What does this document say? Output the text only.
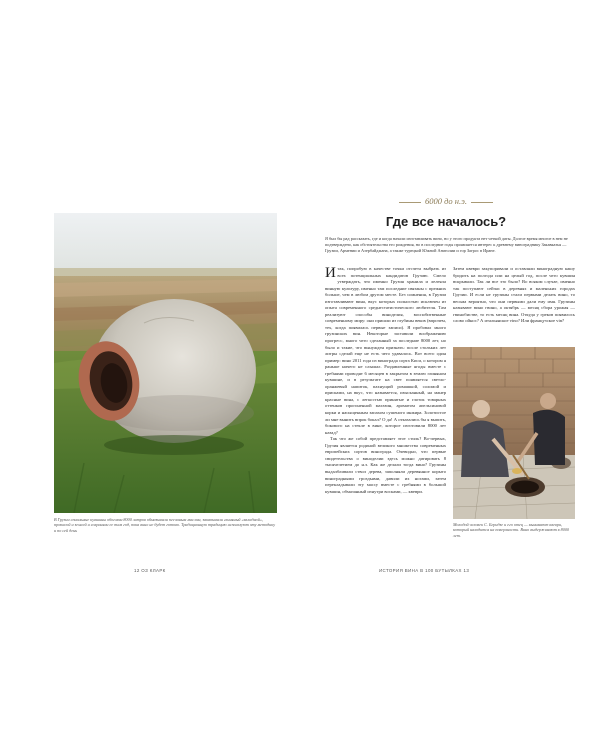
В Грузии спиальные кувшины объемом 8000 литров обмазывали песчаным маслом, закапывали глиняный «вкладной», пропасой и землей и сохраняли ее там год, пока вино не будет готово. Традиционную традицию используют эту методику и по сей день
12 ОЗ КЛАРК
6000 до н.э.
Где все началось?
Я был бы рад рассказать, где и когда начали изготавливать вино, но у этого продукта нет четкой даты. Долгое время многое в нем не подтверждено, как обстоятельства его рождения, но в последние годы проявляется интерес к древнему винограднику Закавказья — Грузии, Армении и Азербайджана, а также турецкой Южной Анатолии и гор Загрос в Иране.

Итак, попробую в качестве точки отсчета выбрать из всех потенциальных кандидатов Грузию. Смело утверждать, что именно Грузия хранила и лелеяла винную культуру, именно там последние связаны с прежних больше, чем в любом другом месте. Без сомнения, в Грузии изготавливают вина, вкус которых полностью исключен из опыта современного среднестатистического любителя. Там реализуют способы виноделия, воспобитвенные современному миру: они пришли из глубины веков (впрочем, тех, когда появилась первые записи). Я пробовал много грузинских вин. Некоторые заставили воображению прогресс, много чего сделанный за последние 8000 лет, но было и такие, что вынужден признать: после стольких лет литры сделай еще не есть чего удавалось. Вот всего один пример: вино 2011 года из винограда сорта Киси, о котором я раньше ничего не слышал. Раздавленные ягоды вместе с гребнями проводят 6 месяцев в закрытом в землю глиняном кувшине, и в результате на свет появляется светло-оранжевый напиток, пахнущий ромашкой, соломой и ирисками, на вкус, что называется, изысканный, на манер красные вина, с легкостью принятые и глоток товарных оттенков прогоненной магазин, ароматом апельсиновой корки и насыщенным запахом сушеного инжира. Золотистое ли мне вынить впрок бокал? О да! А отказались бы я выпить, бокового на стекле в вине, которое изготовили 8000 лет назад?

Так что же собой представляет этот стиль? Во-первых, Грузия является родиной великого множества современных европейских сортов винограда. Очевидно, что первые свидетельства о виноделии здесь можно датировать 8 тысячелетием до н.э. Как же делали тогда вино? Грузины выдалбливали ствол дерева, заполняли деревянное корыто виноградными гроздьями, давили их ногами, затем перекладывали эту массу вместе с гребнями в большой кувшин, обмазанный изнутри восками, — квеври.

Затем квеври закупоривали и оставляли виноградную кашу бродить на полгода или на целый год, после чего кувшин вскрывали. Так ли все это было? Во всяком случае, именно так поступают сейчас в деревнях и маленьких городах Грузии. И если не грузины стали первыми делать вино, то весьма вероятно, что они первыми дали ему имя. Грузины называют вино гвино, а октябрь — месяц сбора урожая — гвинобистве, то есть месяц вина. Откуда у греков появилось слово ойнос? А итальянское vino? Или французское vin?
Молодой человек С. Беридзе и его отец — вынимают квеври, который находится на поверхности. Вино выдерживают в 8000 лет.
ИСТОРИЯ ВИНА В 100 БУТЫЛКАХ 13
